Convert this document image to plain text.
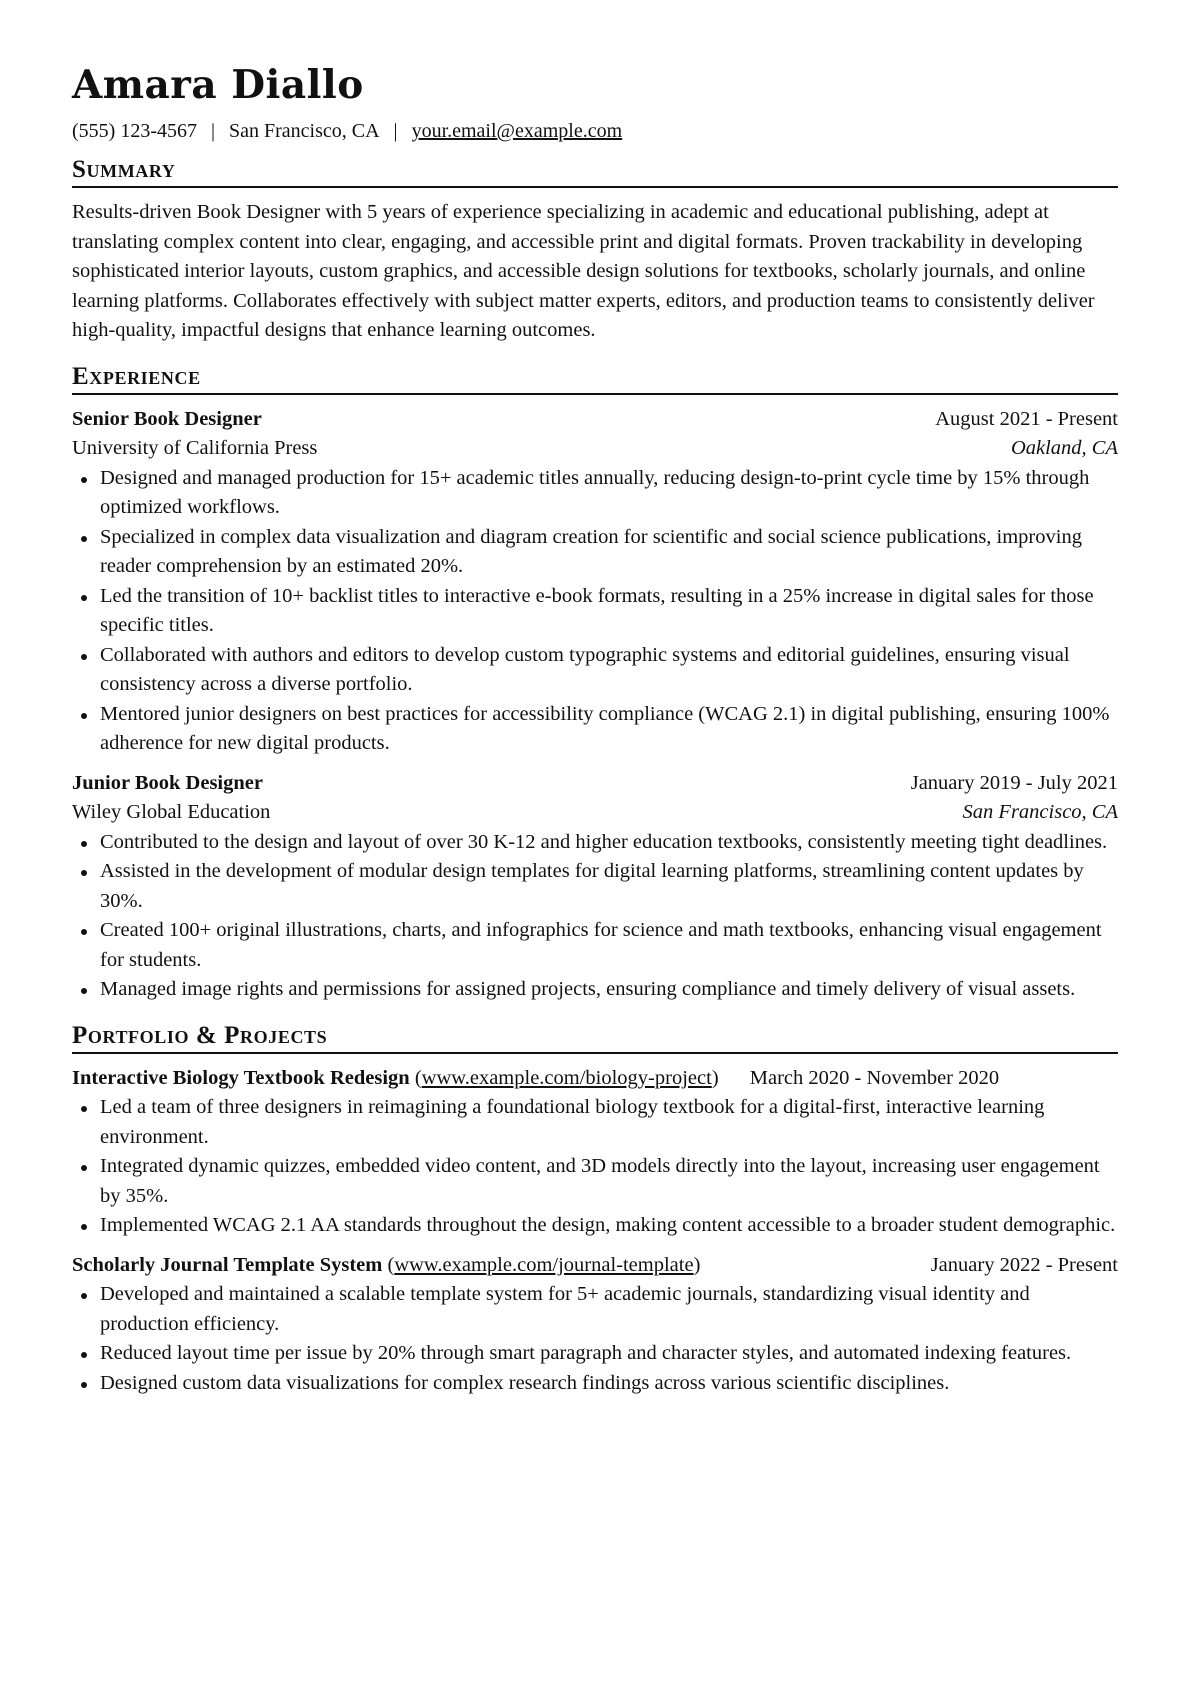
Amara Diallo
(555) 123-4567 | San Francisco, CA | your.email@example.com
Summary

Results-driven Book Designer with 5 years of experience specializing in academic and educational publishing, adept at translating complex content into clear, engaging, and accessible print and digital formats. Proven trackability in developing sophisticated interior layouts, custom graphics, and accessible design solutions for textbooks, scholarly journals, and online learning platforms. Collaborates effectively with subject matter experts, editors, and production teams to consistently deliver high-quality, impactful designs that enhance learning outcomes.

Experience
Senior Book Designer	August 2021 - Present
University of California Press	Oakland, CA
Designed and managed production for 15+ academic titles annually, reducing design-to-print cycle time by 15% through optimized workflows.
Specialized in complex data visualization and diagram creation for scientific and social science publications, improving reader comprehension by an estimated 20%.
Led the transition of 10+ backlist titles to interactive e-book formats, resulting in a 25% increase in digital sales for those specific titles.
Collaborated with authors and editors to develop custom typographic systems and editorial guidelines, ensuring visual consistency across a diverse portfolio.
Mentored junior designers on best practices for accessibility compliance (WCAG 2.1) in digital publishing, ensuring 100% adherence for new digital products.
Junior Book Designer	January 2019 - July 2021
Wiley Global Education	San Francisco, CA
Contributed to the design and layout of over 30 K-12 and higher education textbooks, consistently meeting tight deadlines.
Assisted in the development of modular design templates for digital learning platforms, streamlining content updates by 30%.
Created 100+ original illustrations, charts, and infographics for science and math textbooks, enhancing visual engagement for students.
Managed image rights and permissions for assigned projects, ensuring compliance and timely delivery of visual assets.
Portfolio & Projects
Interactive Biology Textbook Redesign (www.example.com/biology-project) March 2020 - November 2020
Led a team of three designers in reimagining a foundational biology textbook for a digital-first, interactive learning environment.
Integrated dynamic quizzes, embedded video content, and 3D models directly into the layout, increasing user engagement by 35%.
Implemented WCAG 2.1 AA standards throughout the design, making content accessible to a broader student demographic.
Scholarly Journal Template System (www.example.com/journal-template)	January 2022 - Present
Developed and maintained a scalable template system for 5+ academic journals, standardizing visual identity and production efficiency.
Reduced layout time per issue by 20% through smart paragraph and character styles, and automated indexing features.
Designed custom data visualizations for complex research findings across various scientific disciplines.
